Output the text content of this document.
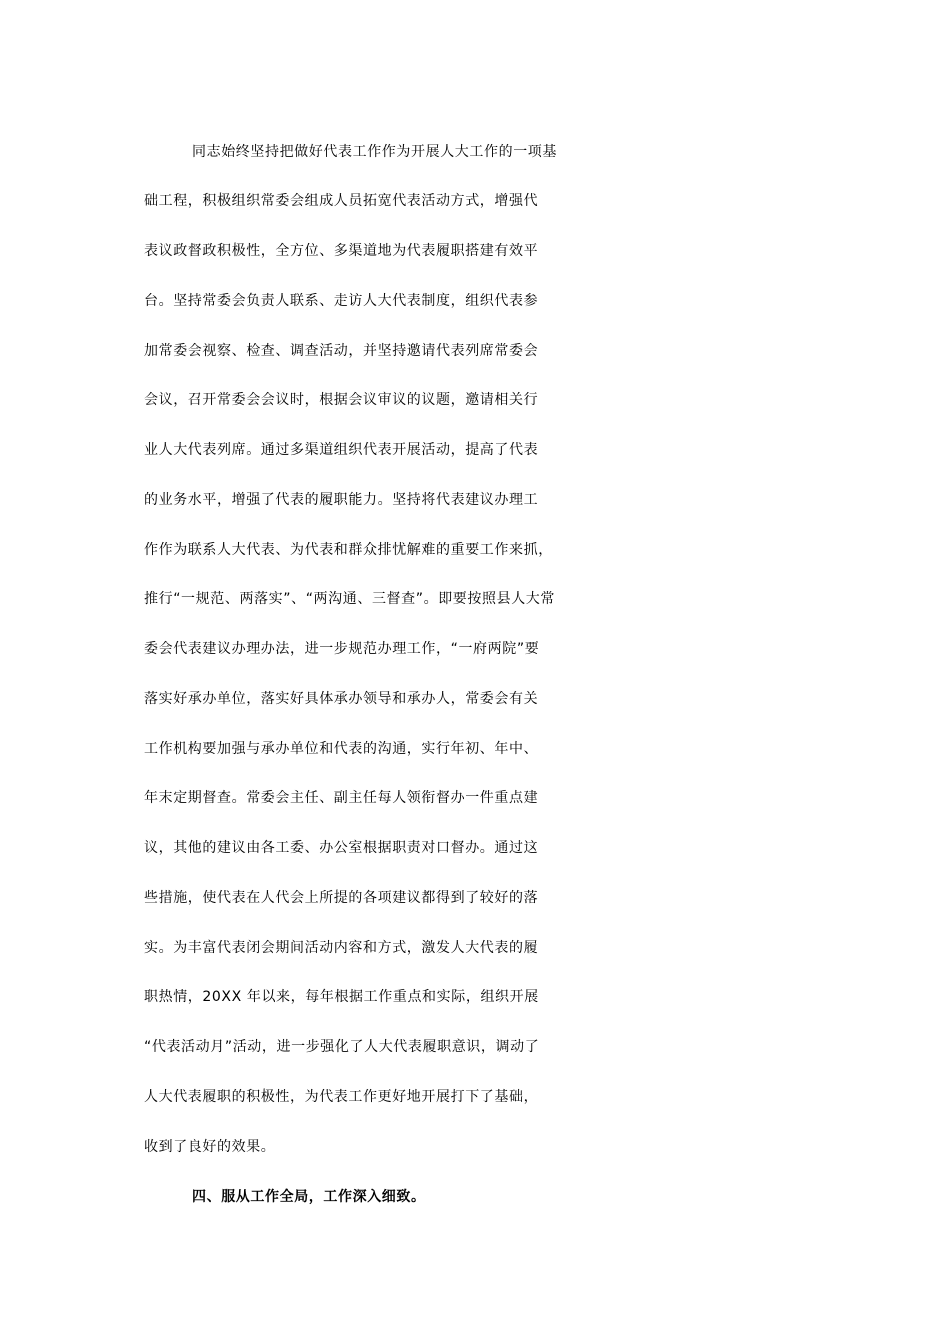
同志始终坚持把做好代表工作作为开展人大工作的一项基
础工程，积极组织常委会组成人员拓宽代表活动方式，增强代
表议政督政积极性，全方位、多渠道地为代表履职搭建有效平
台。坚持常委会负责人联系、走访人大代表制度，组织代表参
加常委会视察、检查、调查活动，并坚持邀请代表列席常委会
会议，召开常委会会议时，根据会议审议的议题，邀请相关行
业人大代表列席。通过多渠道组织代表开展活动，提高了代表
的业务水平，增强了代表的履职能力。坚持将代表建议办理工
作作为联系人大代表、为代表和群众排忧解难的重要工作来抓，
推行“一规范、两落实”、“两沟通、三督查”。即要按照县人大常
委会代表建议办理办法，进一步规范办理工作，“一府两院”要
落实好承办单位，落实好具体承办领导和承办人，常委会有关
工作机构要加强与承办单位和代表的沟通，实行年初、年中、
年末定期督查。常委会主任、副主任每人领衔督办一件重点建
议，其他的建议由各工委、办公室根据职责对口督办。通过这
些措施，使代表在人代会上所提的各项建议都得到了较好的落
实。为丰富代表闭会期间活动内容和方式，激发人大代表的履
职热情，20XX 年以来，每年根据工作重点和实际，组织开展
“代表活动月”活动，进一步强化了人大代表履职意识，调动了
人大代表履职的积极性，为代表工作更好地开展打下了基础，
收到了良好的效果。
四、服从工作全局，工作深入细致。
